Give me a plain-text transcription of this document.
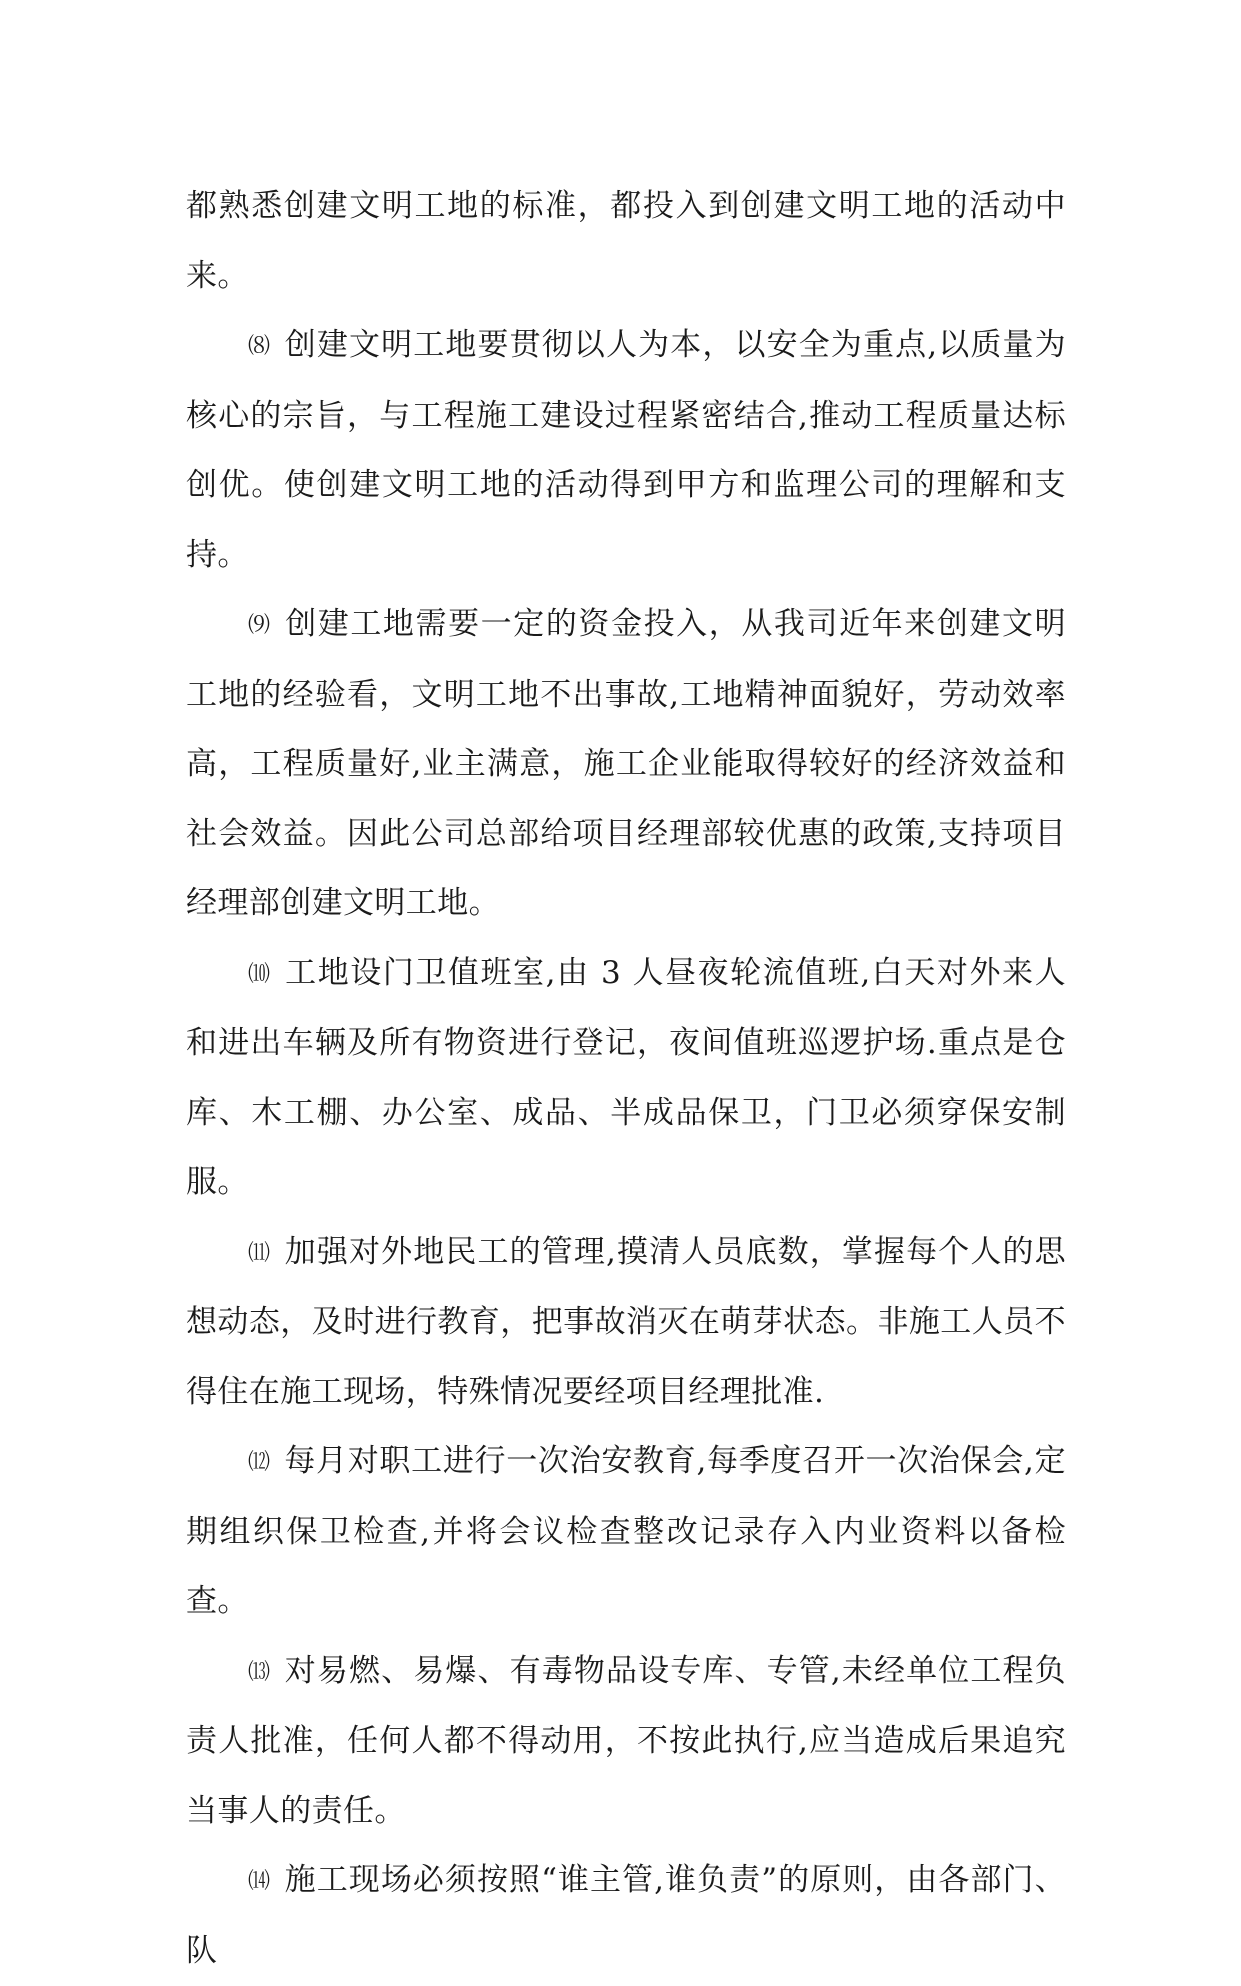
都熟悉创建文明工地的标准，都投入到创建文明工地的活动中来。

⑻ 创建文明工地要贯彻以人为本，以安全为重点,以质量为核心的宗旨，与工程施工建设过程紧密结合,推动工程质量达标创优。使创建文明工地的活动得到甲方和监理公司的理解和支持。

⑼ 创建工地需要一定的资金投入，从我司近年来创建文明工地的经验看，文明工地不出事故,工地精神面貌好，劳动效率高，工程质量好,业主满意，施工企业能取得较好的经济效益和社会效益。因此公司总部给项目经理部较优惠的政策,支持项目经理部创建文明工地。

⑽ 工地设门卫值班室,由 3 人昼夜轮流值班,白天对外来人和进出车辆及所有物资进行登记，夜间值班巡逻护场.重点是仓库、木工棚、办公室、成品、半成品保卫，门卫必须穿保安制服。

⑾ 加强对外地民工的管理,摸清人员底数，掌握每个人的思想动态，及时进行教育，把事故消灭在萌芽状态。非施工人员不得住在施工现场，特殊情况要经项目经理批准.

⑿ 每月对职工进行一次治安教育,每季度召开一次治保会,定期组织保卫检查,并将会议检查整改记录存入内业资料以备检查。

⒀ 对易燃、易爆、有毒物品设专库、专管,未经单位工程负责人批准，任何人都不得动用，不按此执行,应当造成后果追究当事人的责任。

⒁ 施工现场必须按照“谁主管,谁负责”的原则，由各部门、队
